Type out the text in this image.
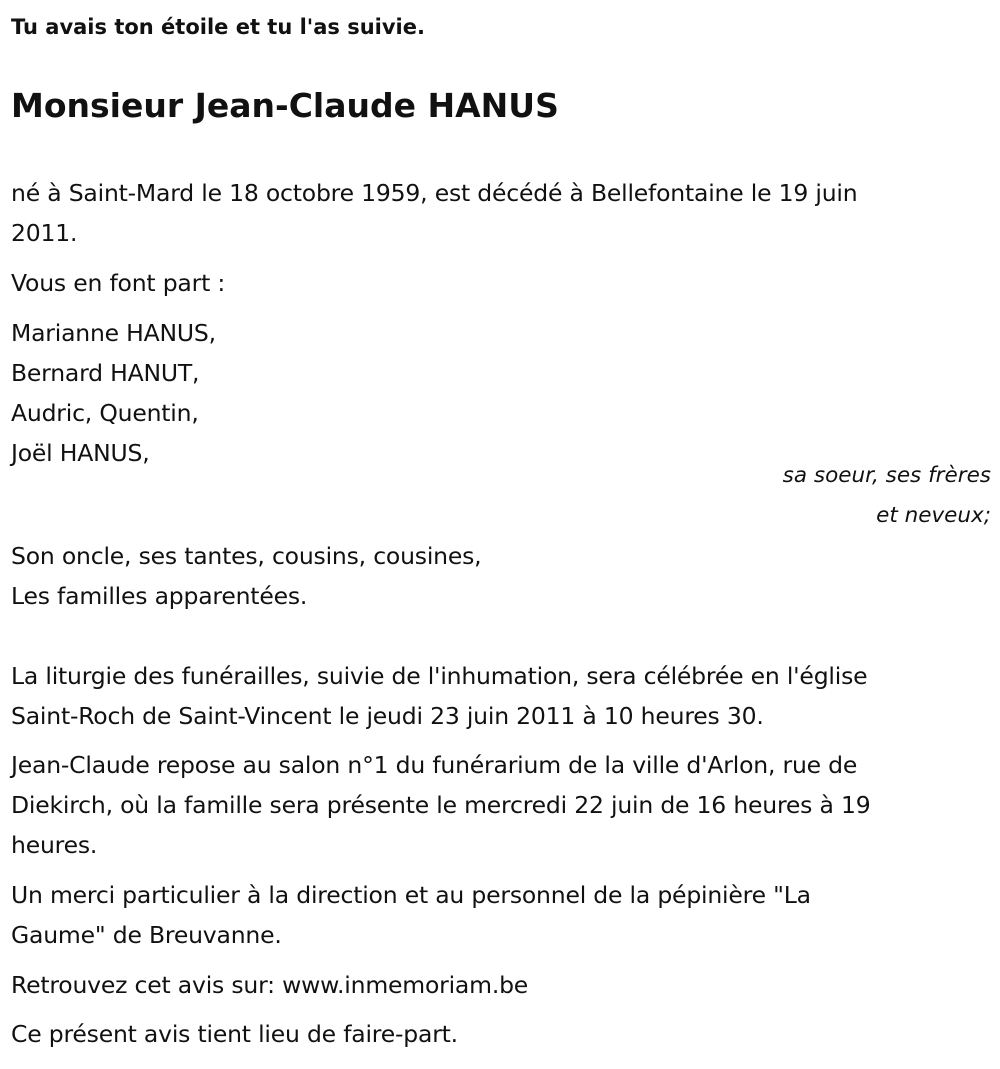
Tu avais ton étoile et tu l'as suivie.
Monsieur Jean-Claude HANUS
né à Saint-Mard le 18 octobre 1959, est décédé à Bellefontaine le 19 juin
2011.
Vous en font part :
Marianne HANUS,
Bernard HANUT,
Audric, Quentin,
Joël HANUS,
sa soeur, ses frères
et neveux;
Son oncle, ses tantes, cousins, cousines,
Les familles apparentées.
La liturgie des funérailles, suivie de l'inhumation, sera célébrée en l'église
Saint-Roch de Saint-Vincent le jeudi 23 juin 2011 à 10 heures 30.
Jean-Claude repose au salon n°1 du funérarium de la ville d'Arlon, rue de
Diekirch, où la famille sera présente le mercredi 22 juin de 16 heures à 19
heures.
Un merci particulier à la direction et au personnel de la pépinière "La
Gaume" de Breuvanne.
Retrouvez cet avis sur: www.inmemoriam.be
Ce présent avis tient lieu de faire-part.
